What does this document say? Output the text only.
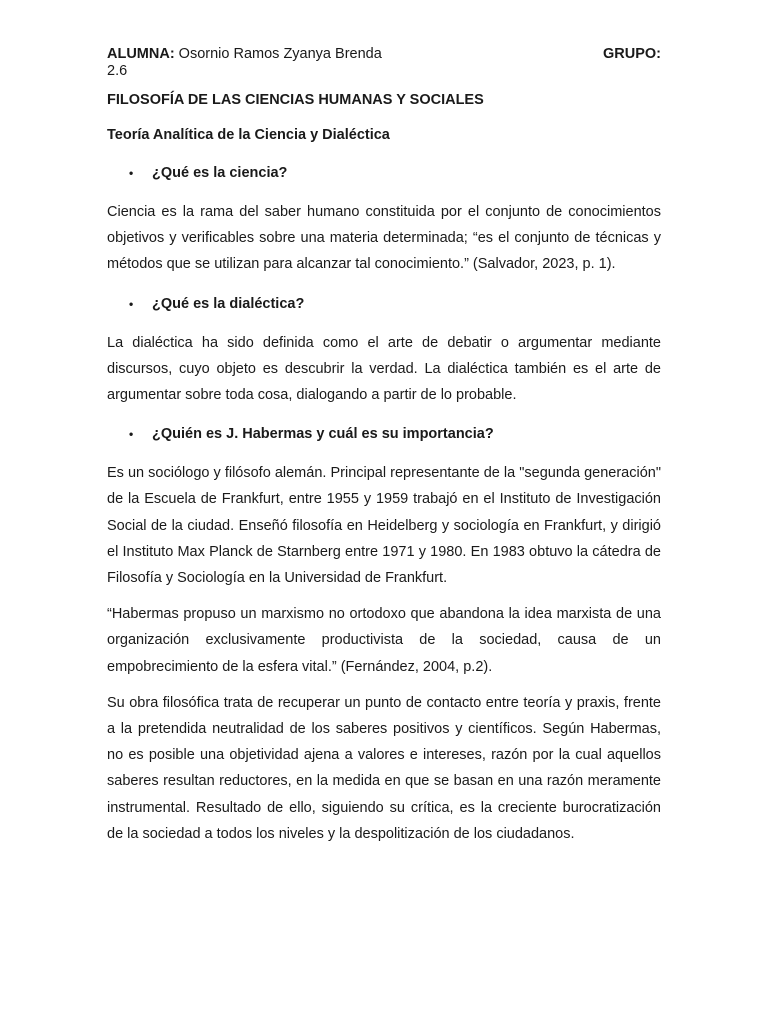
ALUMNA: Osornio Ramos Zyanya Brenda	GRUPO:
2.6
FILOSOFÍA DE LAS CIENCIAS HUMANAS Y SOCIALES
Teoría Analítica de la Ciencia y Dialéctica
• ¿Qué es la ciencia?

Ciencia es la rama del saber humano constituida por el conjunto de conocimientos objetivos y verificables sobre una materia determinada; “es el conjunto de técnicas y métodos que se utilizan para alcanzar tal conocimiento.” (Salvador, 2023, p. 1).

• ¿Qué es la dialéctica?

La dialéctica ha sido definida como el arte de debatir o argumentar mediante discursos, cuyo objeto es descubrir la verdad. La dialéctica también es el arte de argumentar sobre toda cosa, dialogando a partir de lo probable.

• ¿Quién es J. Habermas y cuál es su importancia?

Es un sociólogo y filósofo alemán. Principal representante de la "segunda generación" de la Escuela de Frankfurt, entre 1955 y 1959 trabajó en el Instituto de Investigación Social de la ciudad. Enseñó filosofía en Heidelberg y sociología en Frankfurt, y dirigió el Instituto Max Planck de Starnberg entre 1971 y 1980. En 1983 obtuvo la cátedra de Filosofía y Sociología en la Universidad de Frankfurt.

“Habermas propuso un marxismo no ortodoxo que abandona la idea marxista de una organización exclusivamente productivista de la sociedad, causa de un empobrecimiento de la esfera vital.” (Fernández, 2004, p.2).

Su obra filosófica trata de recuperar un punto de contacto entre teoría y praxis, frente a la pretendida neutralidad de los saberes positivos y científicos. Según Habermas, no es posible una objetividad ajena a valores e intereses, razón por la cual aquellos saberes resultan reductores, en la medida en que se basan en una razón meramente instrumental. Resultado de ello, siguiendo su crítica, es la creciente burocratización de la sociedad a todos los niveles y la despolitización de los ciudadanos.
